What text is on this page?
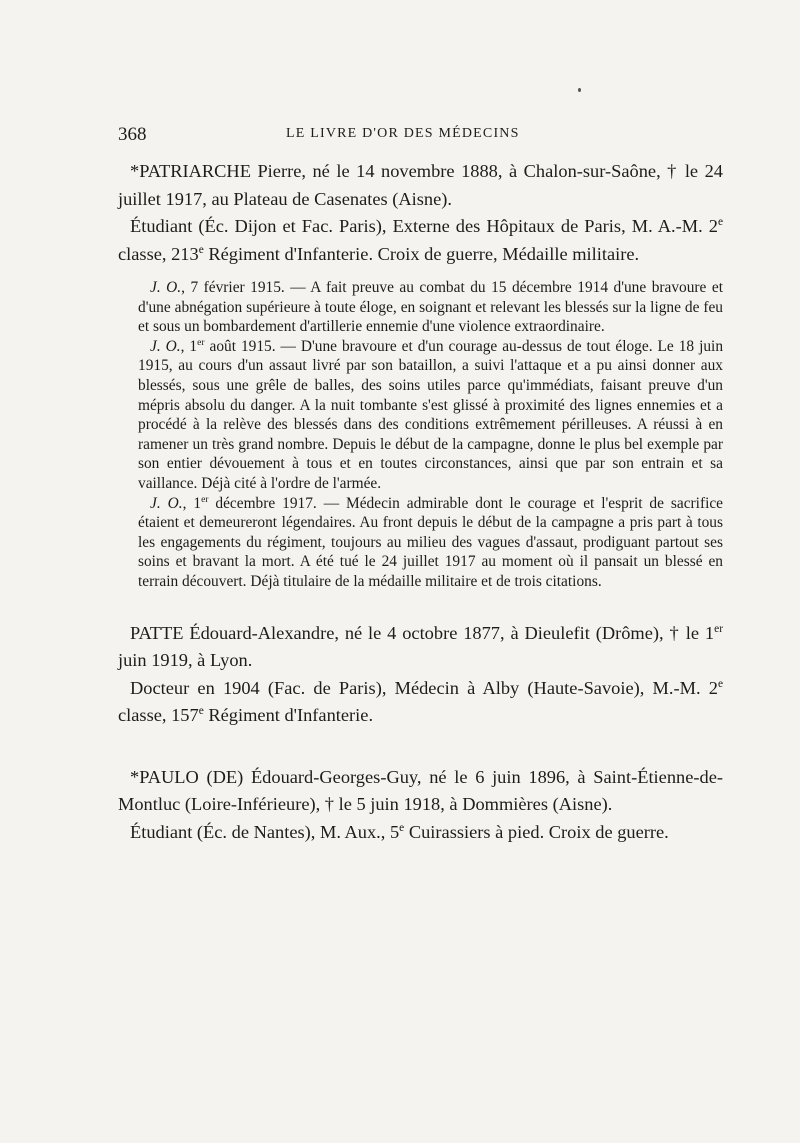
368	LE LIVRE D'OR DES MÉDECINS

*PATRIARCHE Pierre, né le 14 novembre 1888, à Chalon-sur-Saône, † le 24 juillet 1917, au Plateau de Casenates (Aisne).

Étudiant (Éc. Dijon et Fac. Paris), Externe des Hôpitaux de Paris, M. A.-M. 2e classe, 213e Régiment d'Infanterie. Croix de guerre, Médaille militaire.

J. O., 7 février 1915. — A fait preuve au combat du 15 décembre 1914 d'une bravoure et d'une abnégation supérieure à toute éloge, en soignant et relevant les blessés sur la ligne de feu et sous un bombardement d'artillerie ennemie d'une violence extraordinaire.

J. O., 1er août 1915. — D'une bravoure et d'un courage au-dessus de tout éloge. Le 18 juin 1915, au cours d'un assaut livré par son bataillon, a suivi l'attaque et a pu ainsi donner aux blessés, sous une grêle de balles, des soins utiles parce qu'immédiats, faisant preuve d'un mépris absolu du danger. A la nuit tombante s'est glissé à proximité des lignes ennemies et a procédé à la relève des blessés dans des conditions extrêmement périlleuses. A réussi à en ramener un très grand nombre. Depuis le début de la campagne, donne le plus bel exemple par son entier dévouement à tous et en toutes circonstances, ainsi que par son entrain et sa vaillance. Déjà cité à l'ordre de l'armée.

J. O., 1er décembre 1917. — Médecin admirable dont le courage et l'esprit de sacrifice étaient et demeureront légendaires. Au front depuis le début de la campagne a pris part à tous les engagements du régiment, toujours au milieu des vagues d'assaut, prodiguant partout ses soins et bravant la mort. A été tué le 24 juillet 1917 au moment où il pansait un blessé en terrain découvert. Déjà titulaire de la médaille militaire et de trois citations.

PATTE Édouard-Alexandre, né le 4 octobre 1877, à Dieulefit (Drôme), † le 1er juin 1919, à Lyon.

Docteur en 1904 (Fac. de Paris), Médecin à Alby (Haute-Savoie), M.-M. 2e classe, 157e Régiment d'Infanterie.

*PAULO (DE) Édouard-Georges-Guy, né le 6 juin 1896, à Saint-Étienne-de-Montluc (Loire-Inférieure), † le 5 juin 1918, à Dommières (Aisne).

Étudiant (Éc. de Nantes), M. Aux., 5e Cuirassiers à pied. Croix de guerre.
